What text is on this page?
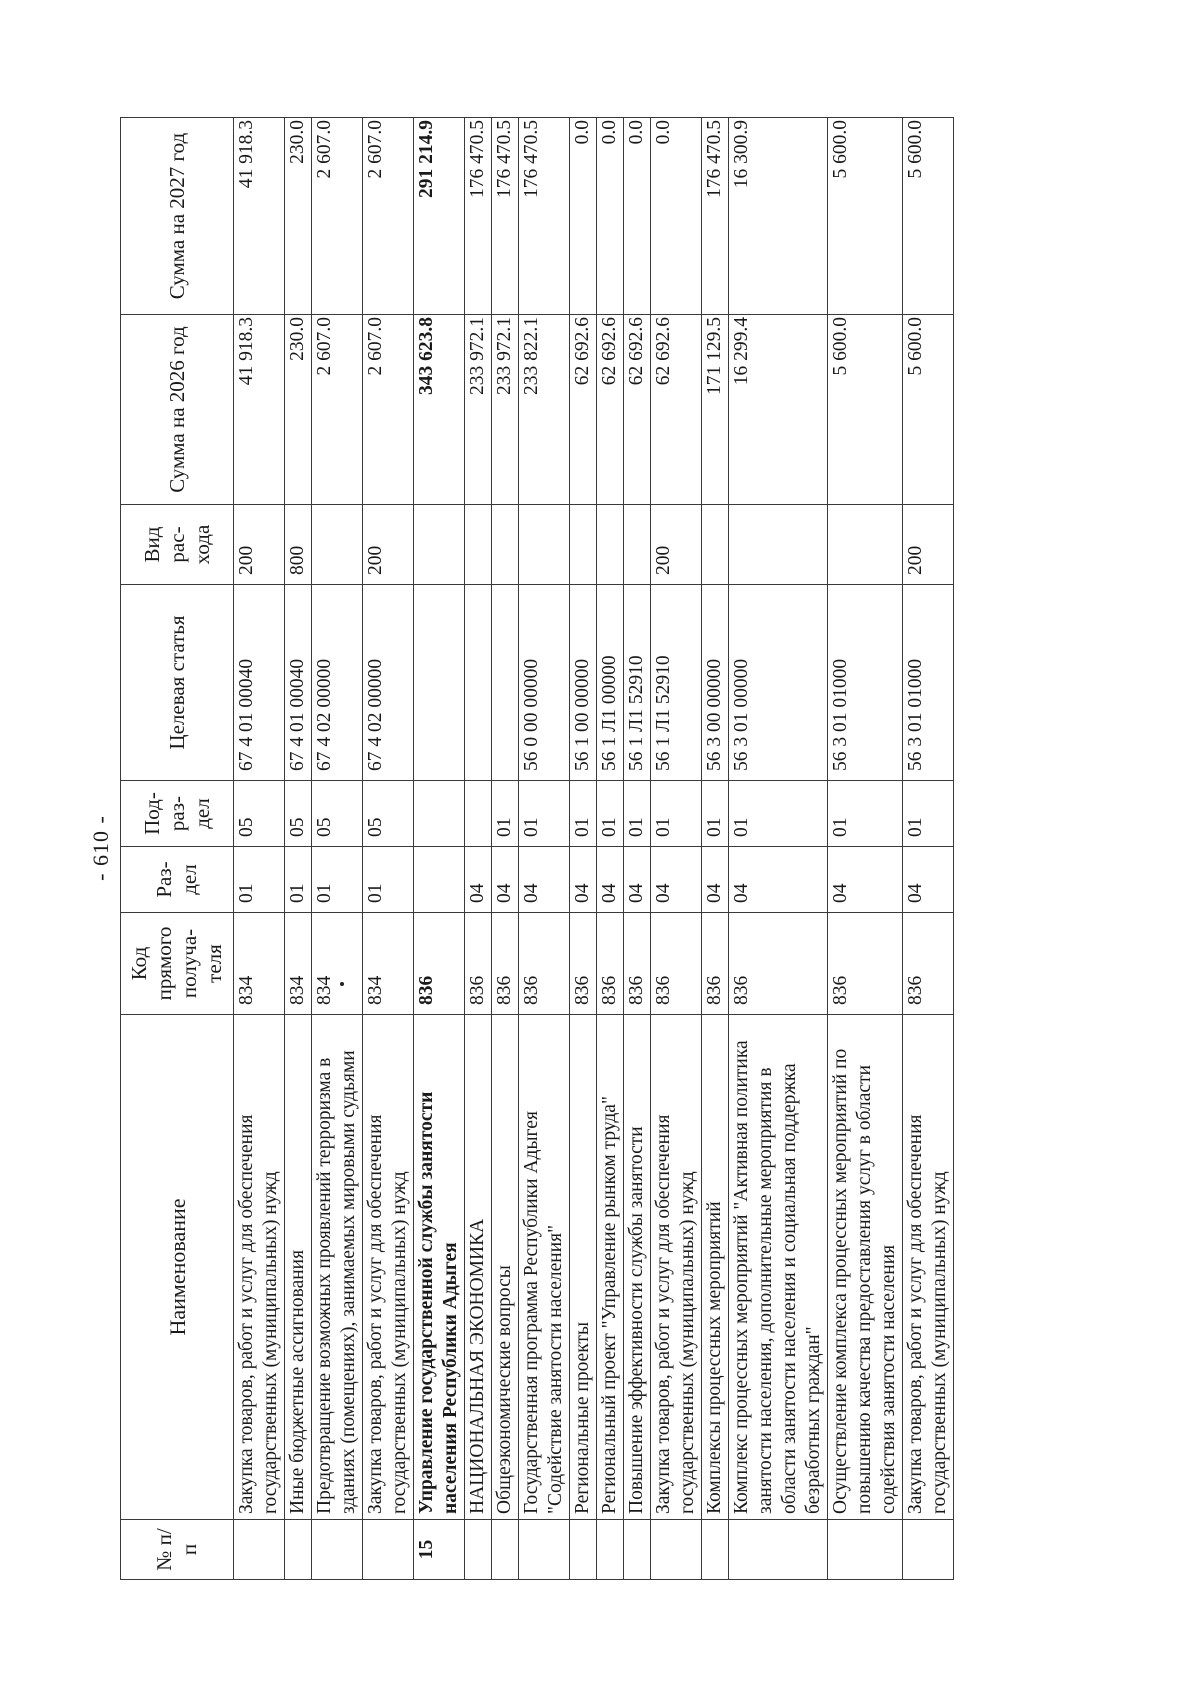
- 610 -
№ п/п	Наименование	Код прямого получа-теля	Раз-дел	Под-раз-дел	Целевая статья	Вид рас-хода	Сумма на 2026 год	Сумма на 2027 год
	Закупка товаров, работ и услуг для обеспечения государственных (муниципальных) нужд	834	01	05	67 4 01 00040	200	41 918.3	41 918.3
	Иные бюджетные ассигнования	834	01	05	67 4 01 00040	800	230.0	230.0
	Предотвращение возможных проявлений терроризма в зданиях (помещениях), занимаемых мировыми судьями	834	01	05	67 4 02 00000		2 607.0	2 607.0
	Закупка товаров, работ и услуг для обеспечения государственных (муниципальных) нужд	834	01	05	67 4 02 00000	200	2 607.0	2 607.0
15	Управление государственной службы занятости населения Республики Адыгея	836					343 623.8	291 214.9
	НАЦИОНАЛЬНАЯ ЭКОНОМИКА	836	04				233 972.1	176 470.5
	Общеэкономические вопросы	836	04	01			233 972.1	176 470.5
	Государственная программа Республики Адыгея "Содействие занятости населения"	836	04	01	56 0 00 00000		233 822.1	176 470.5
	Региональные проекты	836	04	01	56 1 00 00000		62 692.6	0.0
	Региональный проект "Управление рынком труда"	836	04	01	56 1 Л1 00000		62 692.6	0.0
	Повышение эффективности службы занятости	836	04	01	56 1 Л1 52910		62 692.6	0.0
	Закупка товаров, работ и услуг для обеспечения государственных (муниципальных) нужд	836	04	01	56 1 Л1 52910	200	62 692.6	0.0
	Комплексы процессных мероприятий	836	04	01	56 3 00 00000		171 129.5	176 470.5
	Комплекс процессных мероприятий "Активная политика занятости населения, дополнительные мероприятия в области занятости населения и социальная поддержка безработных граждан"	836	04	01	56 3 01 00000		16 299.4	16 300.9
	Осуществление комплекса процессных мероприятий по повышению качества предоставления услуг в области содействия занятости населения	836	04	01	56 3 01 01000		5 600.0	5 600.0
	Закупка товаров, работ и услуг для обеспечения государственных (муниципальных) нужд	836	04	01	56 3 01 01000	200	5 600.0	5 600.0
